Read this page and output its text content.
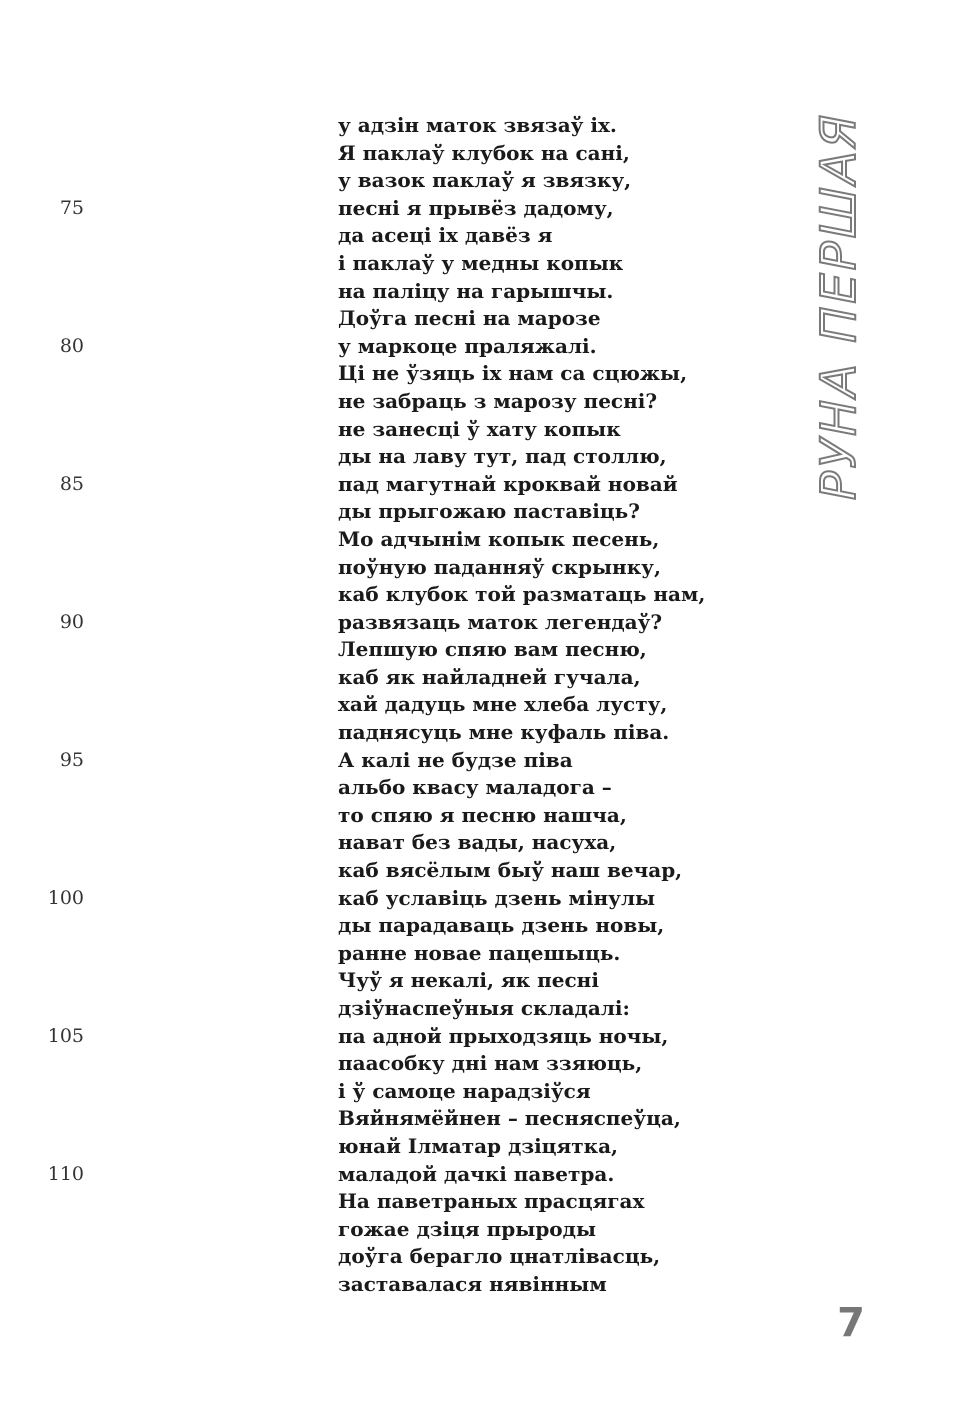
РУНА ПЕРШАЯ
у адзін маток звязаў іх.
Я паклаў клубок на сані,
у вазок паклаў я звязку,
75	песні я прывёз дадому,
да асеці іх давёз я
і паклаў у медны копык
на паліцу на гарышчы.
Доўга песні на марозе
80	у маркоце праляжалі.
Ці не ўзяць іх нам са сцюжы,
не забраць з марозу песні?
не занесці ў хату копык
ды на лаву тут, пад столлю,
85	пад магутнай кроквай новай
ды прыгожаю паставіць?
Мо адчынім копык песень,
поўную паданняў скрынку,
каб клубок той разматаць нам,
90	развязаць маток легендаў?
Лепшую спяю вам песню,
каб як найладней гучала,
хай дадуць мне хлеба лусту,
паднясуць мне куфаль піва.
95	А калі не будзе піва
альбо квасу маладога –
то спяю я песню нашча,
нават без вады, насуха,
каб вясёлым быў наш вечар,
100	каб уславіць дзень мінулы
ды парадаваць дзень новы,
ранне новае пацешыць.
Чуў я некалі, як песні
дзіўнаспеўныя складалі:
105	па адной прыходзяць ночы,
паасобку дні нам ззяюць,
і ў самоце нарадзіўся
Вяйнямёйнен – песняспеўца,
юнай Ілматар дзіцятка,
110	маладой дачкі паветра.
На паветраных прасцягах
гожае дзіця прыроды
доўга берагло цнатлівасць,
заставалася нявінным
7
